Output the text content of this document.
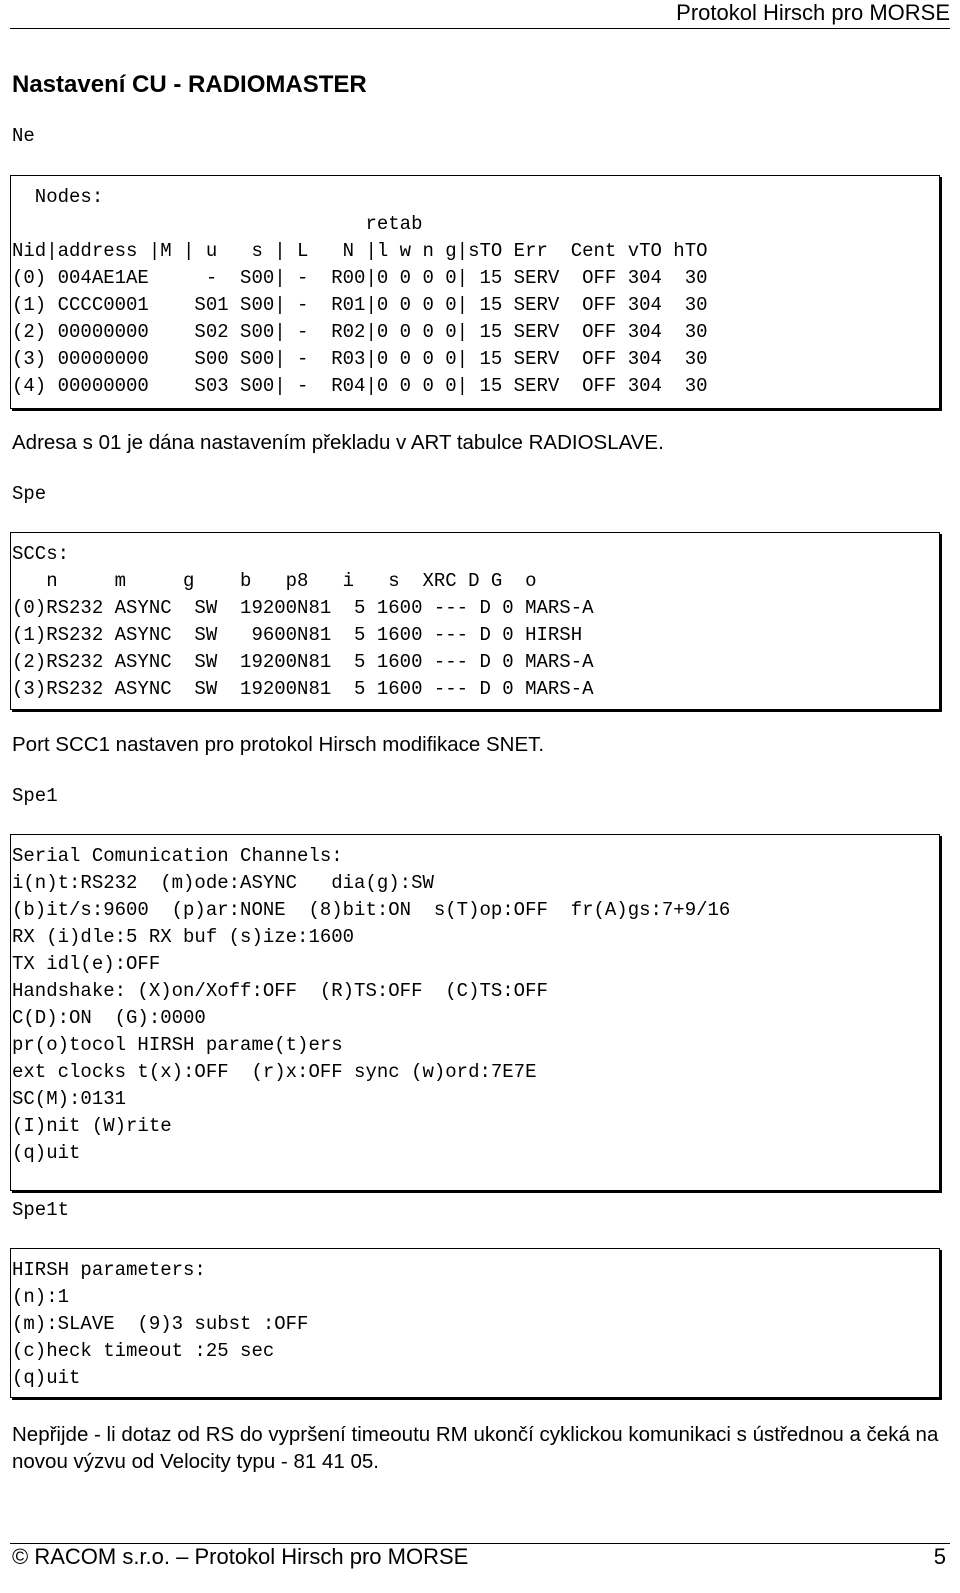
Protokol Hirsch pro MORSE
Nastavení CU - RADIOMASTER
Ne
Nodes:
retab
Nid|address |M | u   s | L   N |l w n g|sTO Err  Cent vTO hTO
(0) 004AE1AE     -  S00| -  R00|0 0 0 0| 15 SERV  OFF 304  30
(1) CCCC0001    S01 S00| -  R01|0 0 0 0| 15 SERV  OFF 304  30
(2) 00000000    S02 S00| -  R02|0 0 0 0| 15 SERV  OFF 304  30
(3) 00000000    S00 S00| -  R03|0 0 0 0| 15 SERV  OFF 304  30
(4) 00000000    S03 S00| -  R04|0 0 0 0| 15 SERV  OFF 304  30
Adresa s 01 je dána nastavením překladu v ART tabulce RADIOSLAVE.
Spe
SCCs:
n     m     g    b   p8   i   s  XRC D G  o
(0)RS232 ASYNC  SW  19200N81  5 1600 --- D 0 MARS-A
(1)RS232 ASYNC  SW   9600N81  5 1600 --- D 0 HIRSH
(2)RS232 ASYNC  SW  19200N81  5 1600 --- D 0 MARS-A
(3)RS232 ASYNC  SW  19200N81  5 1600 --- D 0 MARS-A
Port SCC1 nastaven pro protokol Hirsch modifikace SNET.
Spe1
Serial Comunication Channels:
i(n)t:RS232  (m)ode:ASYNC   dia(g):SW
(b)it/s:9600  (p)ar:NONE  (8)bit:ON  s(T)op:OFF  fr(A)gs:7+9/16
RX (i)dle:5 RX buf (s)ize:1600
TX idl(e):OFF
Handshake: (X)on/Xoff:OFF  (R)TS:OFF  (C)TS:OFF
C(D):ON  (G):0000
pr(o)tocol HIRSH parame(t)ers
ext clocks t(x):OFF  (r)x:OFF sync (w)ord:7E7E
SC(M):0131
(I)nit (W)rite
(q)uit
Spe1t
HIRSH parameters:
(n):1
(m):SLAVE  (9)3 subst :OFF
(c)heck timeout :25 sec
(q)uit
Nepřijde - li dotaz od RS do vypršení timeoutu RM ukončí cyklickou komunikaci s ústřednou a čeká na novou výzvu od Velocity typu - 81 41 05.
© RACOM s.r.o. – Protokol Hirsch pro MORSE	5
